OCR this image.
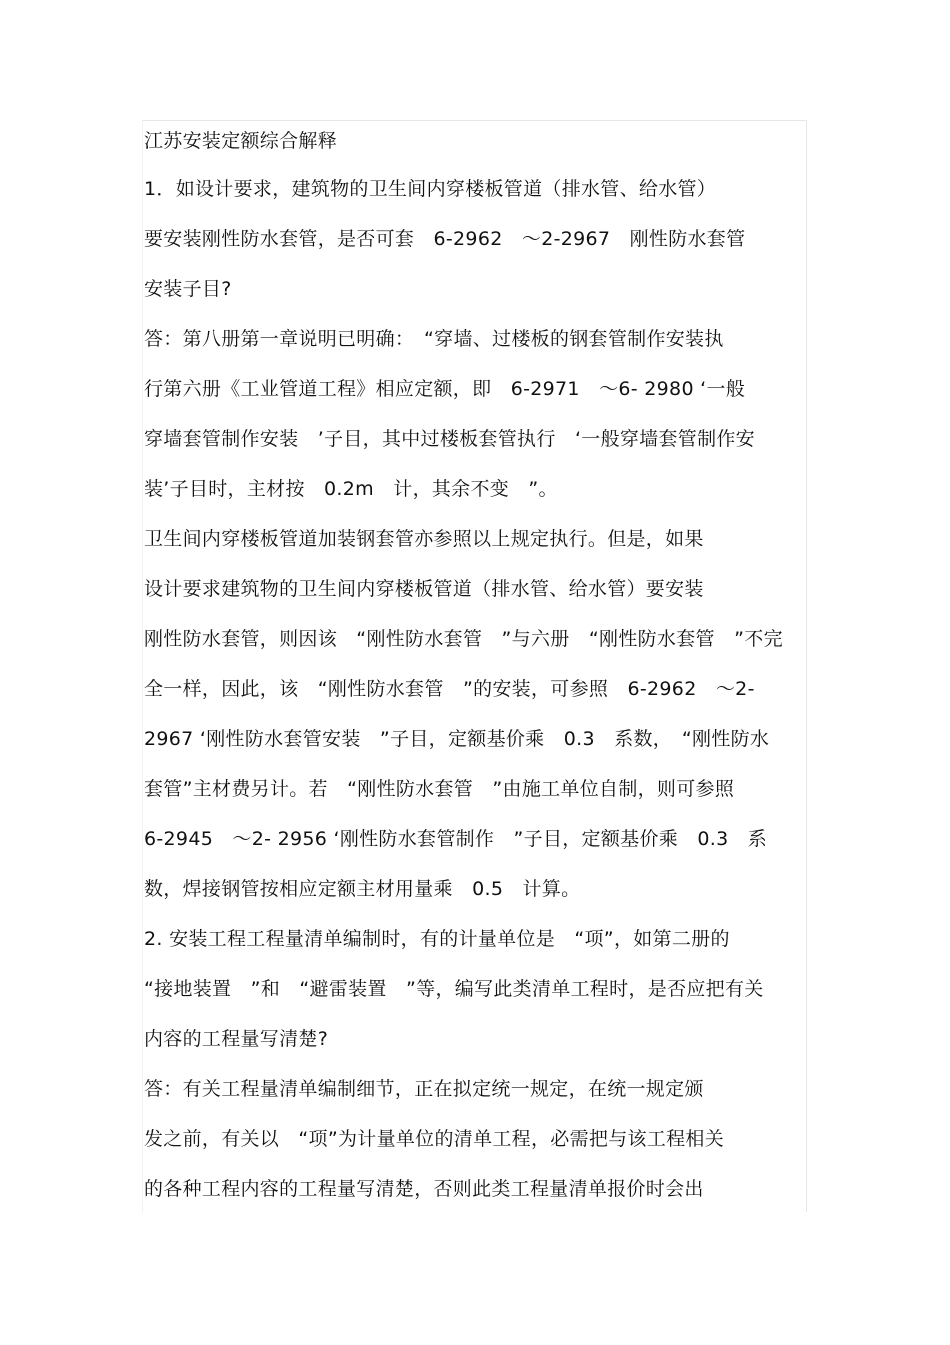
江苏安装定额综合解释
1．如设计要求，建筑物的卫生间内穿楼板管道（排水管、给水管）
要安装刚性防水套管，是否可套　6-2962　～2-2967　刚性防水套管
安装子目?
答：第八册第一章说明已明确：　“穿墙、过楼板的钢套管制作安装执
行第六册《工业管道工程》相应定额，即　6-2971　～6- 2980 ‘一般
穿墙套管制作安装　’子目，其中过楼板套管执行　‘一般穿墙套管制作安
装’子目时，主材按　0.2m　计，其余不变　”。
卫生间内穿楼板管道加装钢套管亦参照以上规定执行。但是，如果
设计要求建筑物的卫生间内穿楼板管道（排水管、给水管）要安装
刚性防水套管，则因该　“刚性防水套管　”与六册　“刚性防水套管　”不完
全一样，因此，该　“刚性防水套管　”的安装，可参照　6-2962　～2-
2967 ‘刚性防水套管安装　”子目，定额基价乘　0.3　系数，　“刚性防水
套管”主材费另计。若　“刚性防水套管　”由施工单位自制，则可参照
6-2945　～2- 2956 ‘刚性防水套管制作　”子目，定额基价乘　0.3　系
数，焊接钢管按相应定额主材用量乘　0.5　计算。
2. 安装工程工程量清单编制时，有的计量单位是　“项”，如第二册的
“接地装置　”和　“避雷装置　”等，编写此类清单工程时，是否应把有关
内容的工程量写清楚?
答：有关工程量清单编制细节，正在拟定统一规定，在统一规定颁
发之前，有关以　“项”为计量单位的清单工程，必需把与该工程相关
的各种工程内容的工程量写清楚，否则此类工程量清单报价时会出
